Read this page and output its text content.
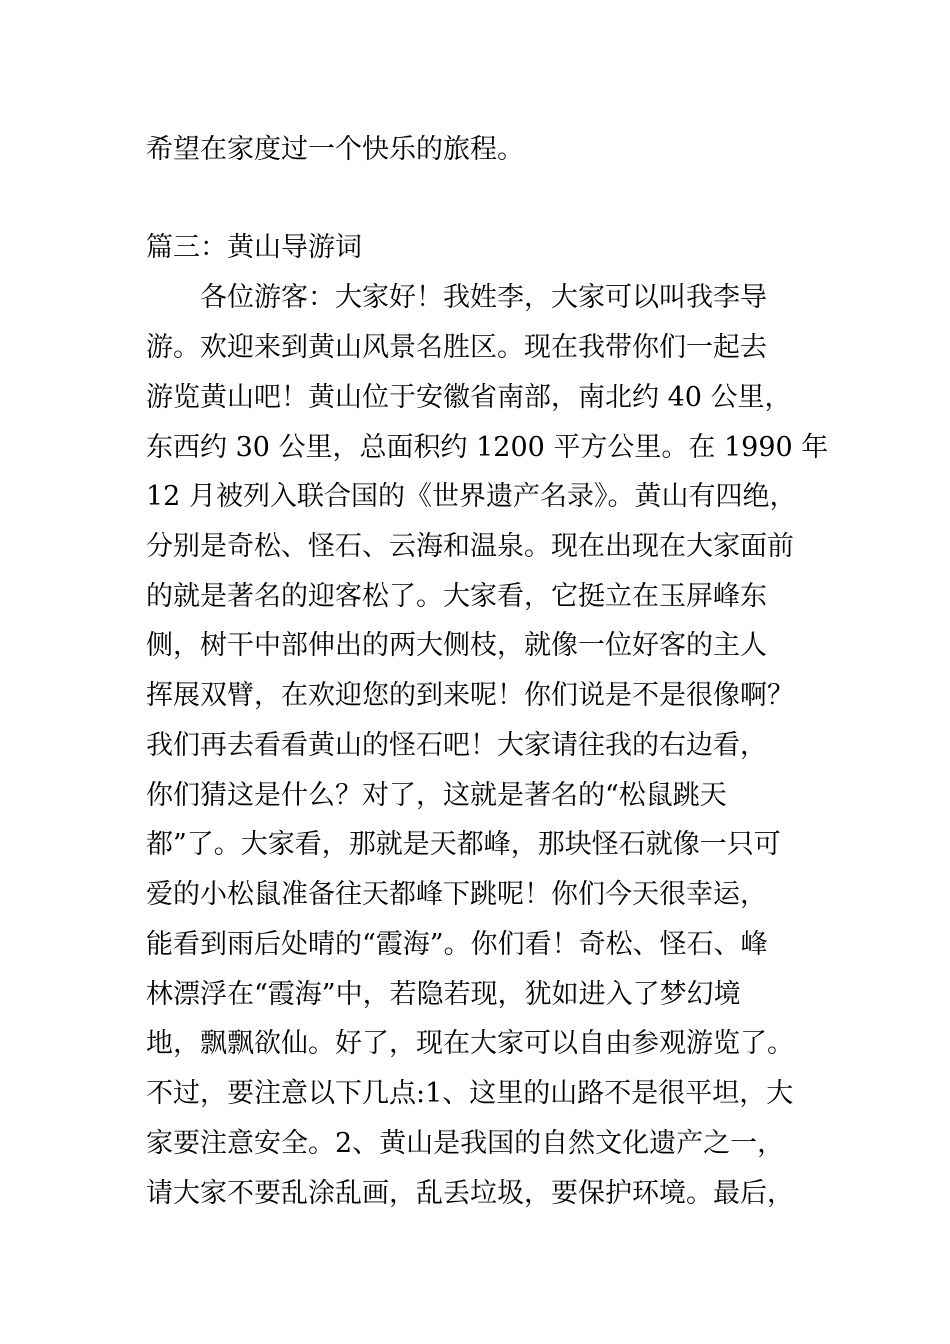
希望在家度过一个快乐的旅程。
篇三：黄山导游词
　　各位游客：大家好！我姓李，大家可以叫我李导
游。欢迎来到黄山风景名胜区。现在我带你们一起去
游览黄山吧！黄山位于安徽省南部，南北约 40 公里，
东西约 30 公里，总面积约 1200 平方公里。在 1990 年
12 月被列入联合国的《世界遗产名录》。黄山有四绝，
分别是奇松、怪石、云海和温泉。现在出现在大家面前
的就是著名的迎客松了。大家看，它挺立在玉屏峰东
侧，树干中部伸出的两大侧枝，就像一位好客的主人
挥展双臂，在欢迎您的到来呢！你们说是不是很像啊？
我们再去看看黄山的怪石吧！大家请往我的右边看，
你们猜这是什么？对了，这就是著名的“松鼠跳天
都”了。大家看，那就是天都峰，那块怪石就像一只可
爱的小松鼠准备往天都峰下跳呢！你们今天很幸运，
能看到雨后处晴的“霞海”。你们看！奇松、怪石、峰
林漂浮在“霞海”中，若隐若现，犹如进入了梦幻境
地，飘飘欲仙。好了，现在大家可以自由参观游览了。
不过，要注意以下几点:1、这里的山路不是很平坦，大
家要注意安全。2、黄山是我国的自然文化遗产之一，
请大家不要乱涂乱画，乱丢垃圾，要保护环境。最后，
